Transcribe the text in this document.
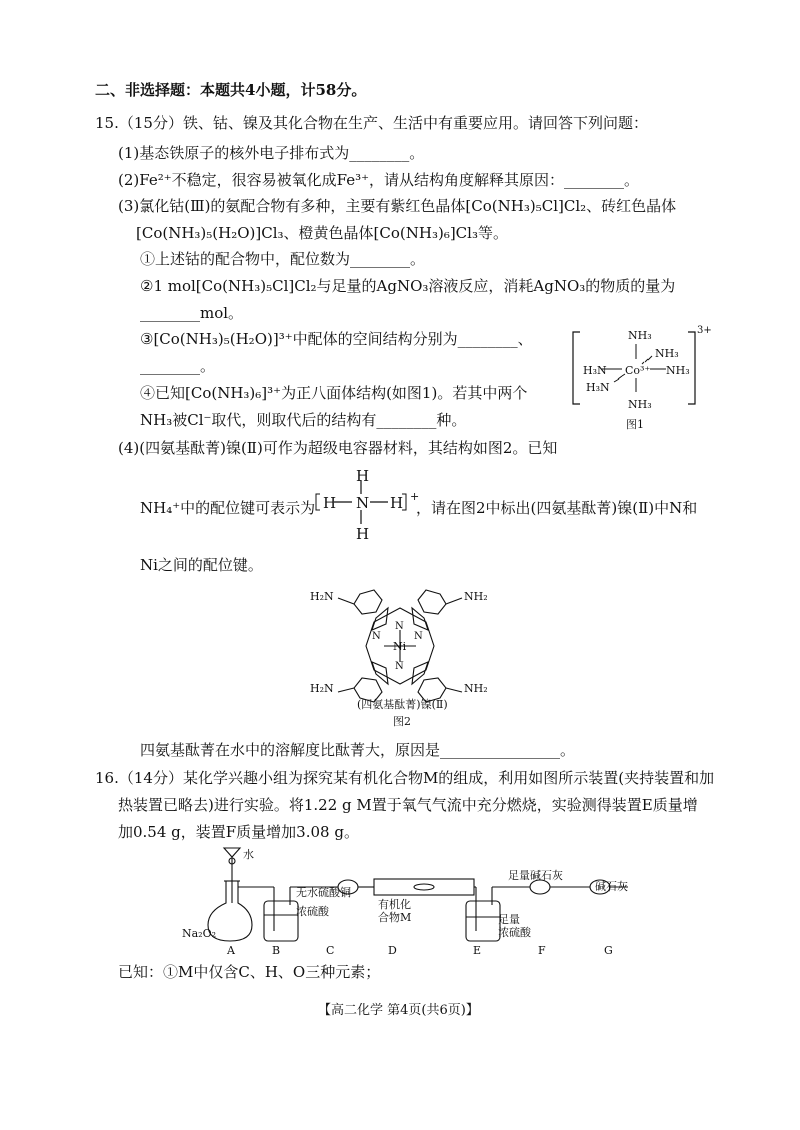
二、非选择题：本题共4小题，计58分。
15.（15分）铁、钴、镍及其化合物在生产、生活中有重要应用。请回答下列问题：
(1)基态铁原子的核外电子排布式为________。
(2)Fe²⁺不稳定，很容易被氧化成Fe³⁺，请从结构角度解释其原因：________。
(3)氯化钴(Ⅲ)的氨配合物有多种，主要有紫红色晶体[Co(NH₃)₅Cl]Cl₂、砖红色晶体
[Co(NH₃)₅(H₂O)]Cl₃、橙黄色晶体[Co(NH₃)₆]Cl₃等。
①上述钴的配合物中，配位数为________。
②1 mol[Co(NH₃)₅Cl]Cl₂与足量的AgNO₃溶液反应，消耗AgNO₃的物质的量为
________mol。
③[Co(NH₃)₅(H₂O)]³⁺中配体的空间结构分别为________、
________。
④已知[Co(NH₃)₆]³⁺为正八面体结构(如图1)。若其中两个
NH₃被Cl⁻取代，则取代后的结构有________种。
NH₃
NH₃
H₃N Co³⁺ NH₃
H₃N
NH₃
3+
图1
(4)(四氨基酞菁)镍(Ⅱ)可作为超级电容器材料，其结构如图2。已知
NH₄⁺中的配位键可表示为
H
H N H
H
+
，请在图2中标出(四氨基酞菁)镍(Ⅱ)中N和
Ni之间的配位键。
H₂N	NH₂
H₂N	NH₂
Ni
N	N
N
N
(四氨基酞菁)镍(Ⅱ)
图2
四氨基酞菁在水中的溶解度比酞菁大，原因是________________。
16.（14分）某化学兴趣小组为探究某有机化合物M的组成，利用如图所示装置(夹持装置和加
热装置已略去)进行实验。将1.22 g M置于氧气气流中充分燃烧，实验测得装置E质量增
加0.54 g，装置F质量增加3.08 g。
水
Na₂O₂
无水硫酸铜
浓硫酸
有机化
合物M
足量碱石灰
足量
浓硫酸
碱石灰
A	B	C	D	E	F	G
已知：①M中仅含C、H、O三种元素；
【高二化学 第4页(共6页)】
